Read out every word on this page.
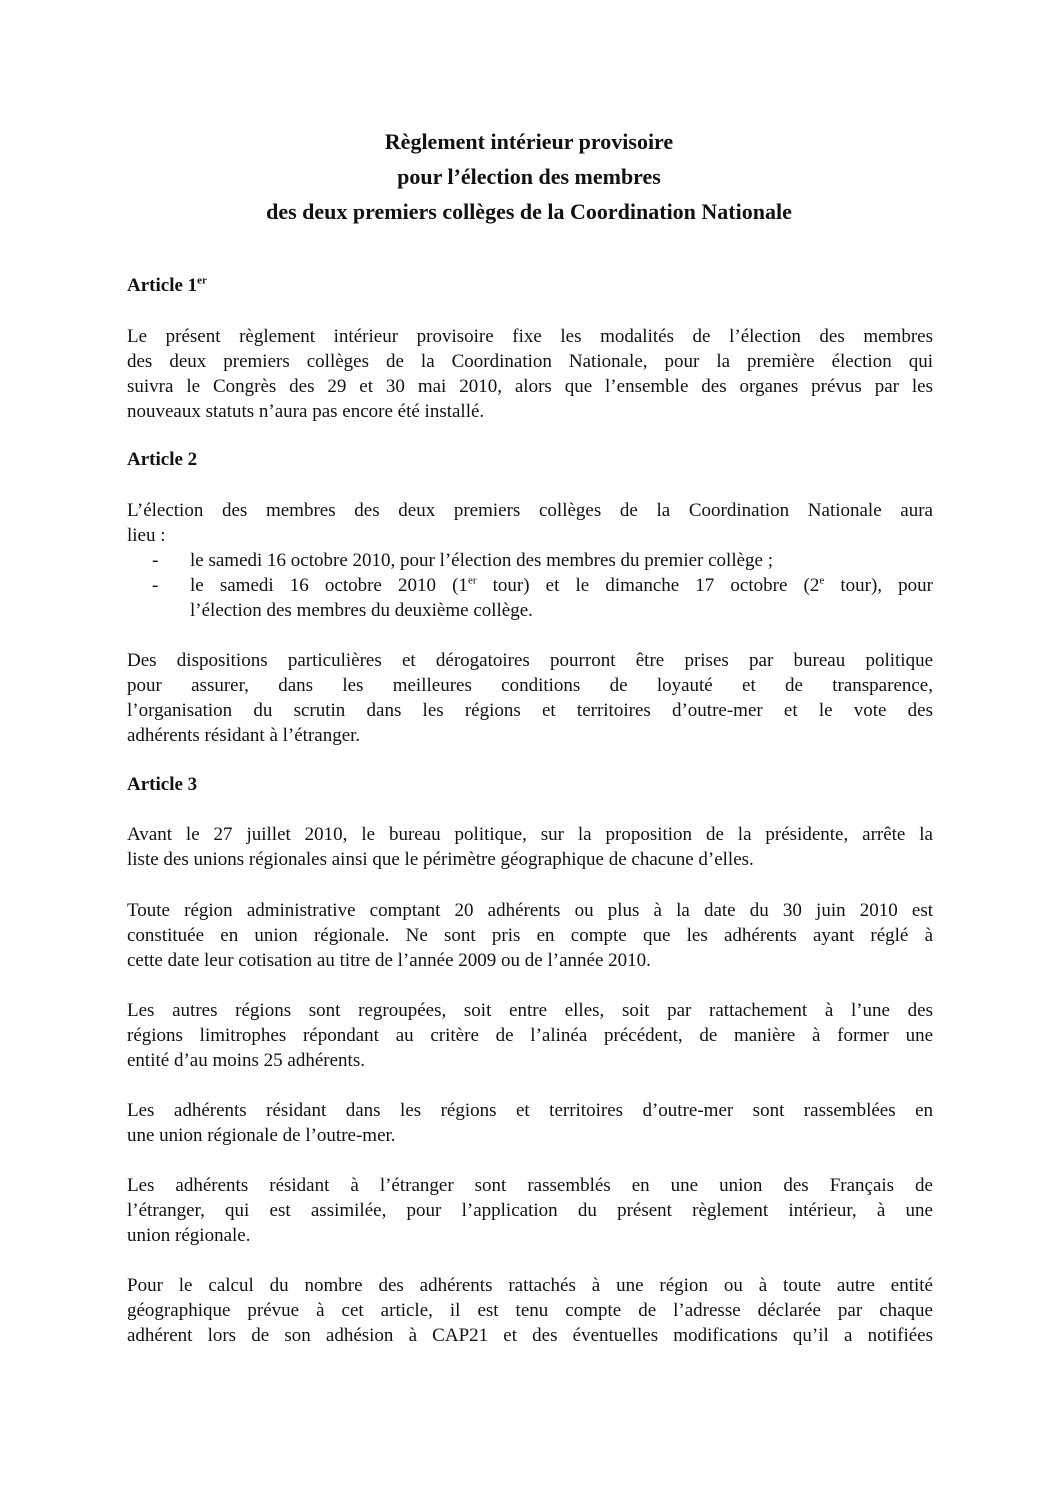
Règlement intérieur provisoire
pour l’élection des membres
des deux premiers collèges de la Coordination Nationale
Article 1er
Le présent règlement intérieur provisoire fixe les modalités de l’élection des membres
des deux premiers collèges de la Coordination Nationale, pour la première élection qui
suivra le Congrès des 29 et 30 mai 2010, alors que l’ensemble des organes prévus par les
nouveaux statuts n’aura pas encore été installé.
Article 2
L’élection des membres des deux premiers collèges de la Coordination Nationale aura
lieu :
- le samedi 16 octobre 2010, pour l’élection des membres du premier collège ;
- le samedi 16 octobre 2010 (1er tour) et le dimanche 17 octobre (2e tour), pour
l’élection des membres du deuxième collège.
Des dispositions particulières et dérogatoires pourront être prises par bureau politique
pour assurer, dans les meilleures conditions de loyauté et de transparence,
l’organisation du scrutin dans les régions et territoires d’outre-mer et le vote des
adhérents résidant à l’étranger.
Article 3
Avant le 27 juillet 2010, le bureau politique, sur la proposition de la présidente, arrête la
liste des unions régionales ainsi que le périmètre géographique de chacune d’elles.
Toute région administrative comptant 20 adhérents ou plus à la date du 30 juin 2010 est
constituée en union régionale. Ne sont pris en compte que les adhérents ayant réglé à
cette date leur cotisation au titre de l’année 2009 ou de l’année 2010.
Les autres régions sont regroupées, soit entre elles, soit par rattachement à l’une des
régions limitrophes répondant au critère de l’alinéa précédent, de manière à former une
entité d’au moins 25 adhérents.
Les adhérents résidant dans les régions et territoires d’outre-mer sont rassemblées en
une union régionale de l’outre-mer.
Les adhérents résidant à l’étranger sont rassemblés en une union des Français de
l’étranger, qui est assimilée, pour l’application du présent règlement intérieur, à une
union régionale.
Pour le calcul du nombre des adhérents rattachés à une région ou à toute autre entité
géographique prévue à cet article, il est tenu compte de l’adresse déclarée par chaque
adhérent lors de son adhésion à CAP21 et des éventuelles modifications qu’il a notifiées
